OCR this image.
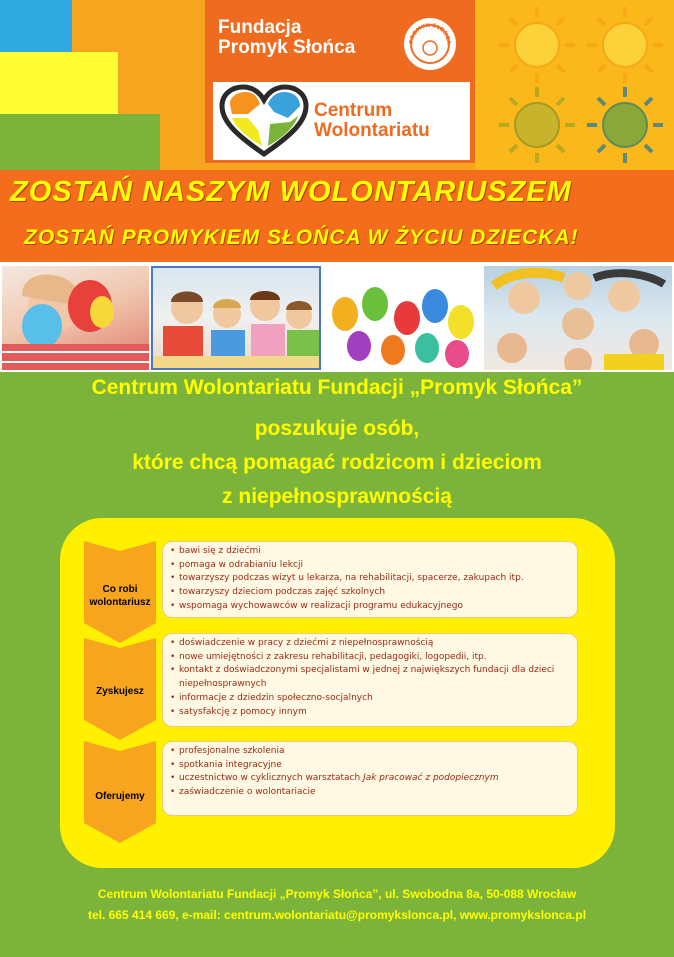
Fundacja
Promyk Słońca	PROMYK SŁOŃCA
Centrum
Wolontariatu
ZOSTAŃ NASZYM WOLONTARIUSZEM
ZOSTAŃ PROMYKIEM SŁOŃCA W ŻYCIU DZIECKA!
Centrum Wolontariatu Fundacji „Promyk Słońca”
poszukuje osób,
które chcą pomagać rodzicom i dzieciom
z niepełnosprawnością
Co robi
wolontariusz
• bawi się z dziećmi
• pomaga w odrabianiu lekcji
• towarzyszy podczas wizyt u lekarza, na rehabilitacji, spacerze, zakupach itp.
• towarzyszy dzieciom podczas zajęć szkolnych
• wspomaga wychowawców w realizacji programu edukacyjnego
Zyskujesz
• doświadczenie w pracy z dziećmi z niepełnosprawnością
• nowe umiejętności z zakresu rehabilitacji, pedagogiki, logopedii, itp.
• kontakt z doświadczonymi specjalistami w jednej z największych fundacji dla dzieci niepełnosprawnych
• informacje z dziedzin społeczno-socjalnych
• satysfakcję z pomocy innym
Oferujemy
• profesjonalne szkolenia
• spotkania integracyjne
• uczestnictwo w cyklicznych warsztatach Jak pracować z podopiecznym
• zaświadczenie o wolontariacie
Centrum Wolontariatu Fundacji „Promyk Słońca”, ul. Swobodna 8a, 50-088 Wrocław
tel. 665 414 669, e-mail: centrum.wolontariatu@promykslonca.pl, www.promykslonca.pl
